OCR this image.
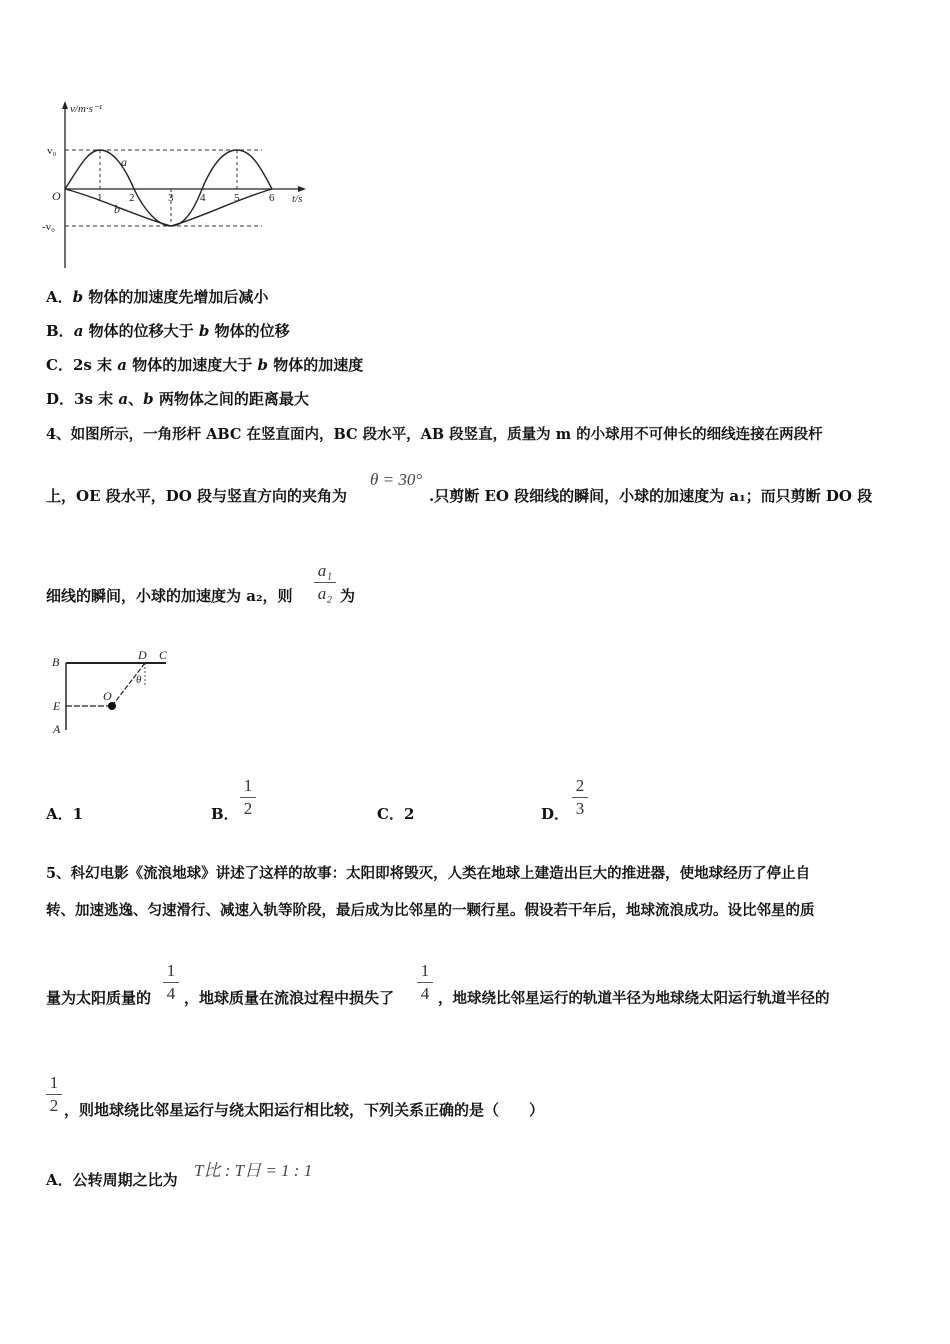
v/m·s⁻¹
t/s
O
v₀
-v₀
1 2	3 4	5	6
a
b
A．b 物体的加速度先增加后减小
B．a 物体的位移大于 b 物体的位移
C．2s 末 a 物体的加速度大于 b 物体的加速度
D．3s 末 a、b 两物体之间的距离最大
4、如图所示，一角形杆 ABC 在竖直面内，BC 段水平，AB 段竖直，质量为 m 的小球用不可伸长的细线连接在两段杆
上，OE 段水平，DO 段与竖直方向的夹角为
θ = 30°
.只剪断 EO 段细线的瞬间，小球的加速度为 a₁；而只剪断 DO 段
细线的瞬间，小球的加速度为 a₂，则
a₁
a₂ 为
B	D C
θ
O
E
A
A．1	B．
1
2	C．2	D．
2
3
5、科幻电影《流浪地球》讲述了这样的故事：太阳即将毁灭，人类在地球上建造出巨大的推进器，使地球经历了停止自
转、加速逃逸、匀速滑行、减速入轨等阶段，最后成为比邻星的一颗行星。假设若干年后，地球流浪成功。设比邻星的质
量为太阳质量的
1
4 ，地球质量在流浪过程中损失了
1
4 ，地球绕比邻星运行的轨道半径为地球绕太阳运行轨道半径的
1
2 ，则地球绕比邻星运行与绕太阳运行相比较，下列关系正确的是（　　）
A．公转周期之比为 T比 : T日 = 1 : 1
